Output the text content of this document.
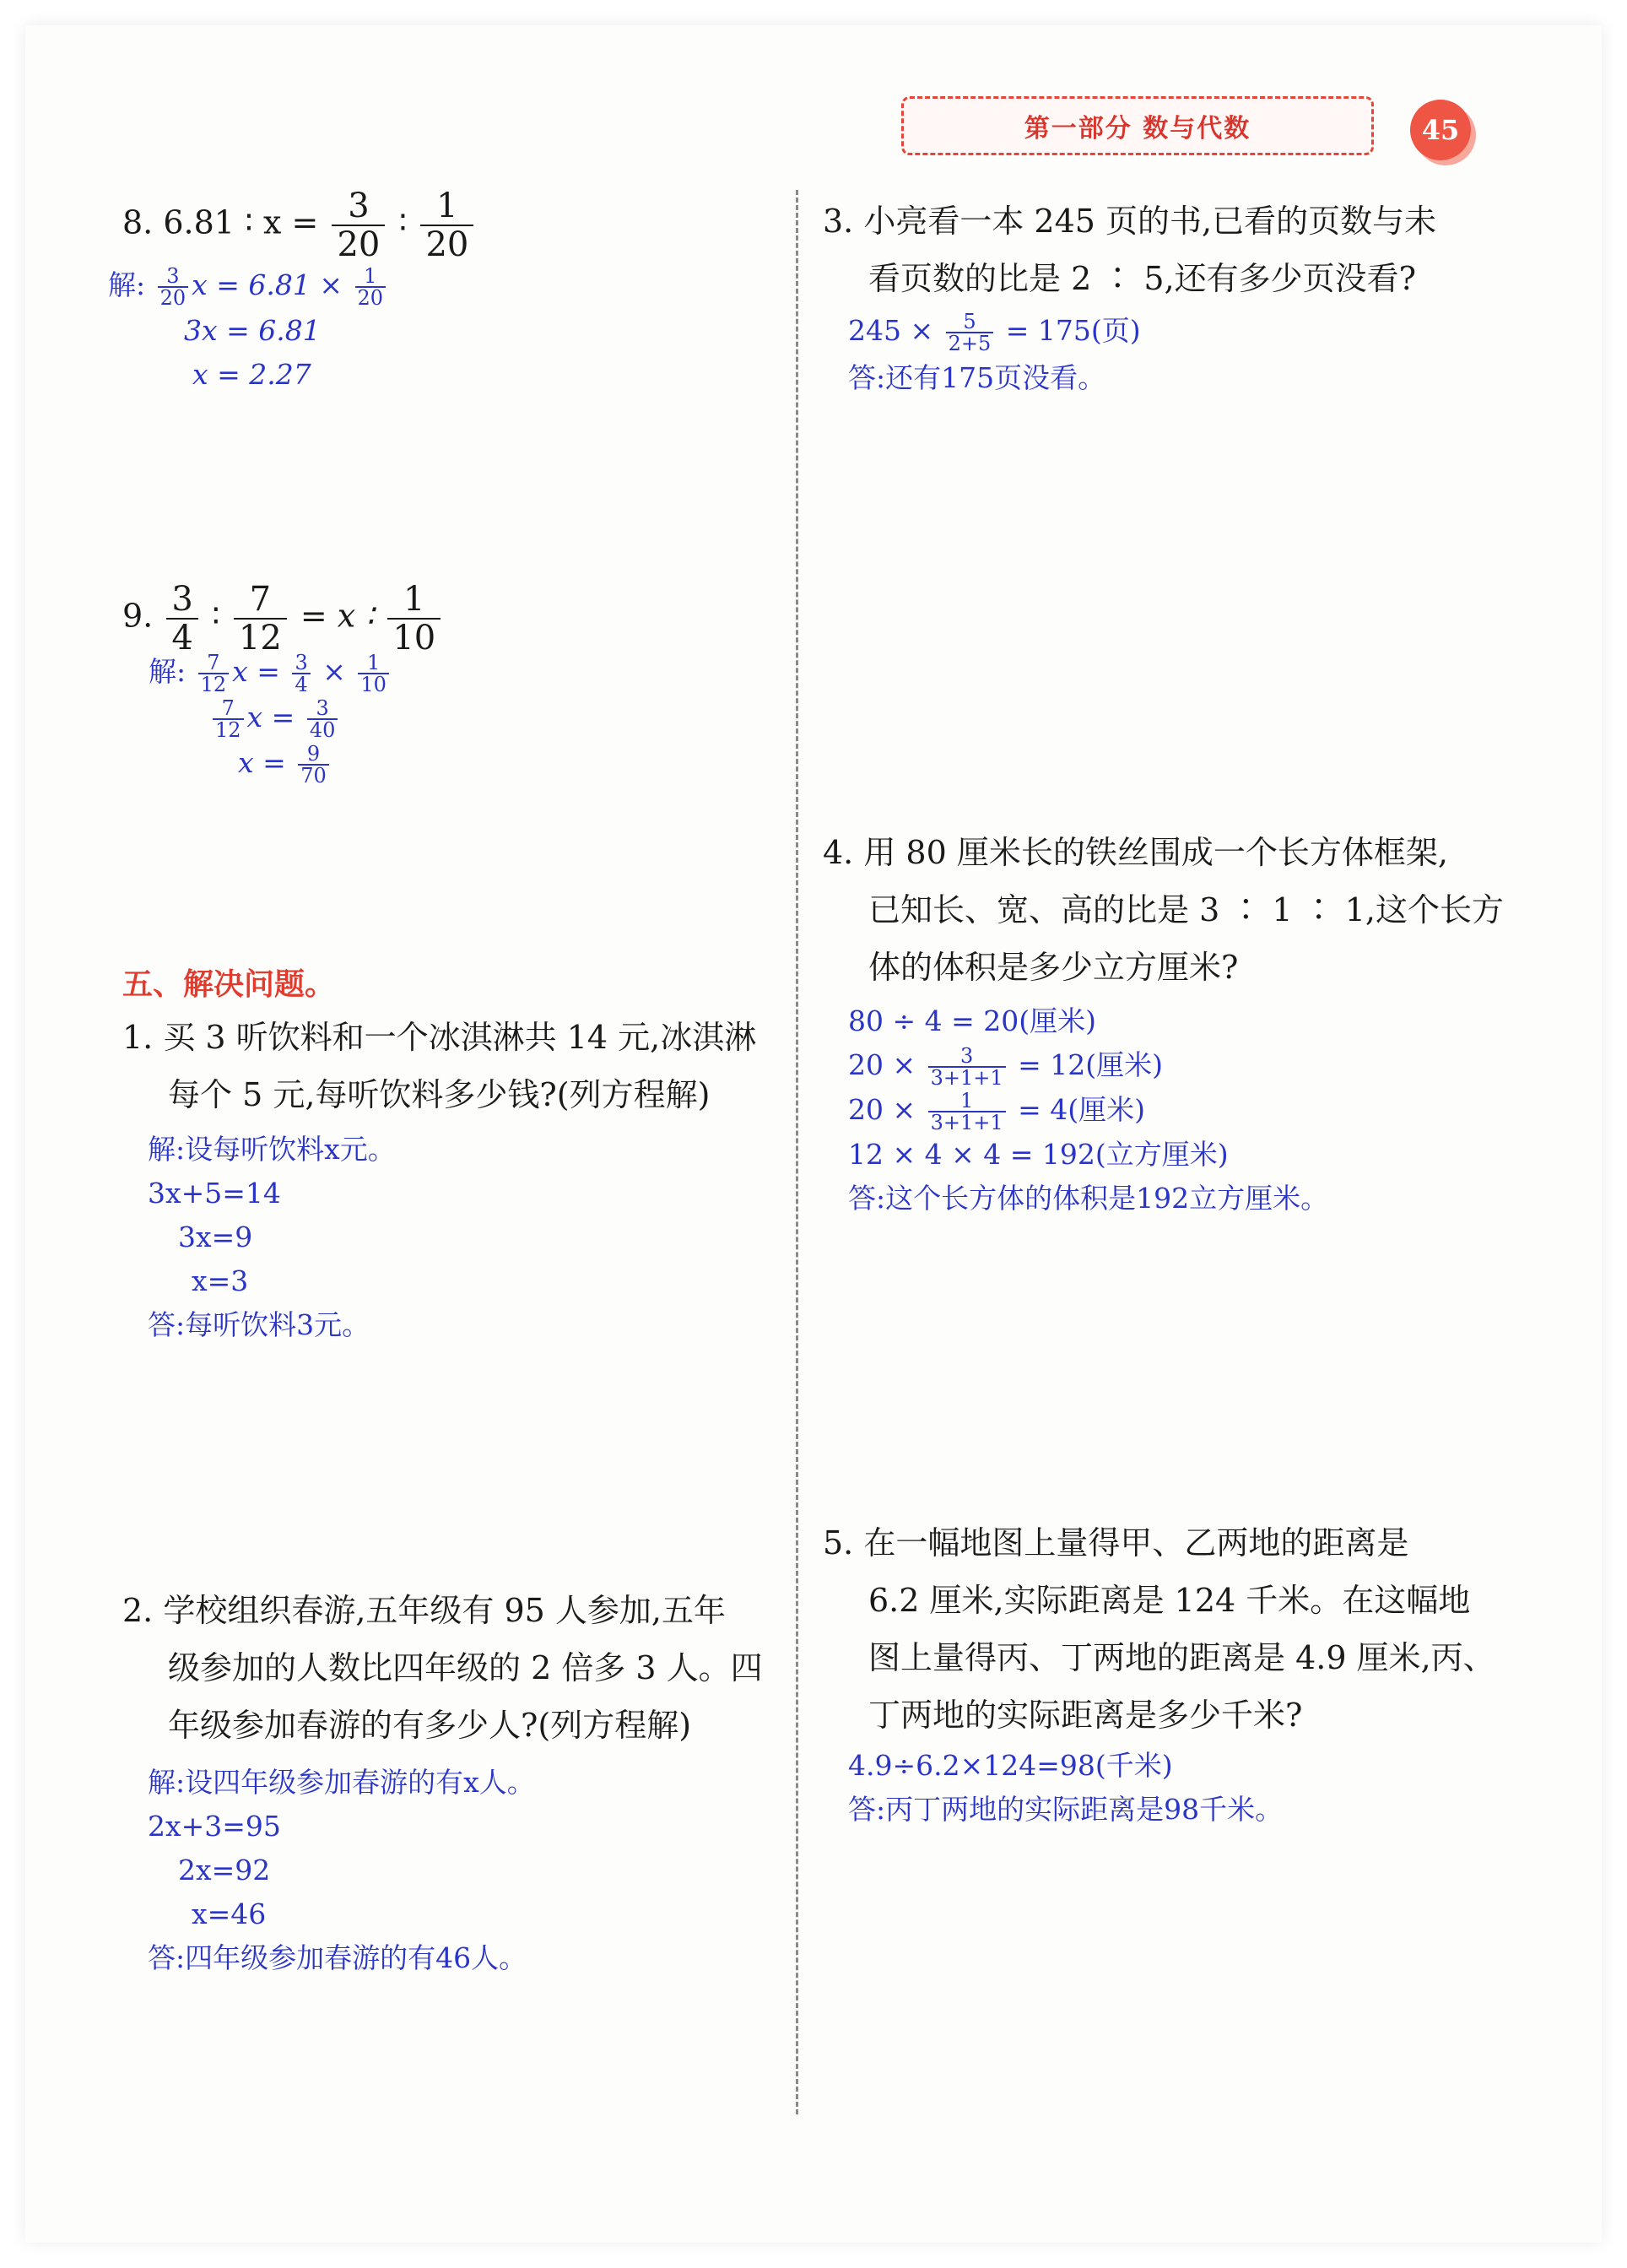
第一部分 数与代数	45
8. 6.81 ∶ $x = \frac{3}{20}$ ∶ $\frac{1}{20}$
解: $\frac{3}{20}$ $x = 6.81 \times \frac{1}{20}$
3x = 6.81
x = 2.27
9. $\frac{3}{4}$ ∶ $\frac{7}{12} = x$ ∶ $\frac{1}{10}$
解: $\frac{7}{12}$ $x = \frac{3}{4} \times \frac{1}{10}$
$\frac{7}{12}$ $x = \frac{3}{40}$
$x = \frac{9}{70}$
五、解决问题。
1. 买 3 听饮料和一个冰淇淋共 14 元,冰淇淋
每个 5 元,每听饮料多少钱?(列方程解)
解:设每听饮料x元。
3x+5=14
3x=9
x=3
答:每听饮料3元。
2. 学校组织春游,五年级有 95 人参加,五年
级参加的人数比四年级的 2 倍多 3 人。四
年级参加春游的有多少人?(列方程解)
解:设四年级参加春游的有x人。
2x+3=95
2x=92
x=46
答:四年级参加春游的有46人。
3. 小亮看一本 245 页的书,已看的页数与未
看页数的比是 2 ∶ 5,还有多少页没看?
$245 \times \frac{5}{2+5} = 175$(页)
答:还有175页没看。
4. 用 80 厘米长的铁丝围成一个长方体框架,
已知长、宽、高的比是 3 ∶ 1 ∶ 1,这个长方
体的体积是多少立方厘米?
80 ÷ 4 = 20(厘米)
$20 \times \frac{3}{3+1+1} = 12$(厘米)
$20 \times \frac{1}{3+1+1} = 4$(厘米)
12 × 4 × 4 = 192(立方厘米)
答:这个长方体的体积是192立方厘米。
5. 在一幅地图上量得甲、乙两地的距离是
6.2 厘米,实际距离是 124 千米。在这幅地
图上量得丙、丁两地的距离是 4.9 厘米,丙、
丁两地的实际距离是多少千米?
4.9÷6.2×124=98(千米)
答:丙丁两地的实际距离是98千米。
